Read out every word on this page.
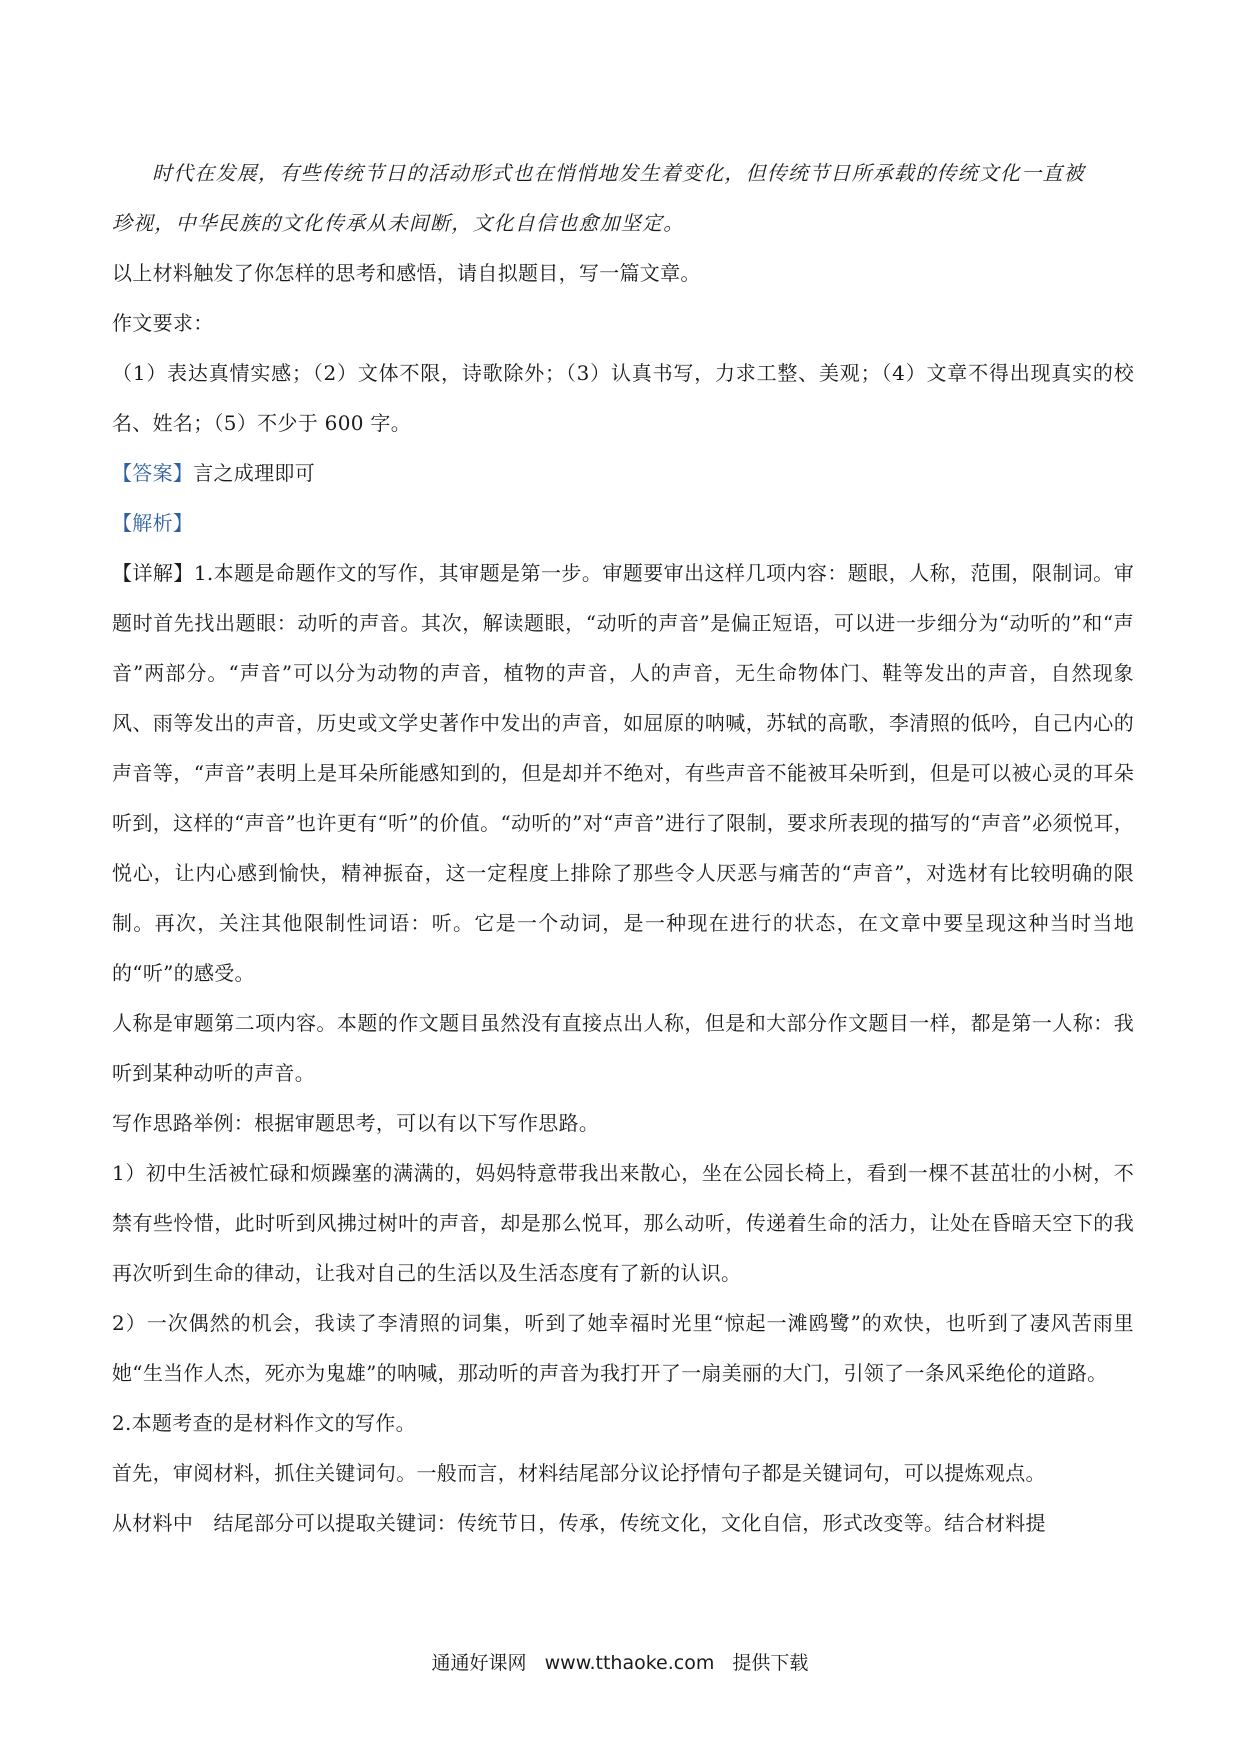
时代在发展，有些传统节日的活动形式也在悄悄地发生着变化，但传统节日所承载的传统文化一直被

珍视，中华民族的文化传承从未间断，文化自信也愈加坚定。

以上材料触发了你怎样的思考和感悟，请自拟题目，写一篇文章。

作文要求：

（1）表达真情实感；（2）文体不限，诗歌除外；（3）认真书写，力求工整、美观；（4）文章不得出现真实的校名、姓名；（5）不少于 600 字。

【答案】言之成理即可

【解析】

【详解】1.本题是命题作文的写作，其审题是第一步。审题要审出这样几项内容：题眼，人称，范围，限制词。审题时首先找出题眼：动听的声音。其次，解读题眼，“动听的声音”是偏正短语，可以进一步细分为“动听的”和“声音”两部分。“声音”可以分为动物的声音，植物的声音，人的声音，无生命物体门、鞋等发出的声音，自然现象风、雨等发出的声音，历史或文学史著作中发出的声音，如屈原的呐喊，苏轼的高歌，李清照的低吟，自己内心的声音等，“声音”表明上是耳朵所能感知到的，但是却并不绝对，有些声音不能被耳朵听到，但是可以被心灵的耳朵听到，这样的“声音”也许更有“听”的价值。“动听的”对“声音”进行了限制，要求所表现的描写的“声音”必须悦耳，悦心，让内心感到愉快，精神振奋，这一定程度上排除了那些令人厌恶与痛苦的“声音”，对选材有比较明确的限制。再次，关注其他限制性词语：听。它是一个动词，是一种现在进行的状态，在文章中要呈现这种当时当地的“听”的感受。

人称是审题第二项内容。本题的作文题目虽然没有直接点出人称，但是和大部分作文题目一样，都是第一人称：我听到某种动听的声音。

写作思路举例：根据审题思考，可以有以下写作思路。

1）初中生活被忙碌和烦躁塞的满满的，妈妈特意带我出来散心，坐在公园长椅上，看到一棵不甚茁壮的小树，不禁有些怜惜，此时听到风拂过树叶的声音，却是那么悦耳，那么动听，传递着生命的活力，让处在昏暗天空下的我再次听到生命的律动，让我对自己的生活以及生活态度有了新的认识。

2）一次偶然的机会，我读了李清照的词集，听到了她幸福时光里“惊起一滩鸥鹭”的欢快，也听到了凄风苦雨里她“生当作人杰，死亦为鬼雄”的呐喊，那动听的声音为我打开了一扇美丽的大门，引领了一条风采绝伦的道路。

2.本题考查的是材料作文的写作。

首先，审阅材料，抓住关键词句。一般而言，材料结尾部分议论抒情句子都是关键词句，可以提炼观点。

从材料中　结尾部分可以提取关键词：传统节日，传承，传统文化，文化自信，形式改变等。结合材料提

通通好课网 www.tthaoke.com 提供下载
